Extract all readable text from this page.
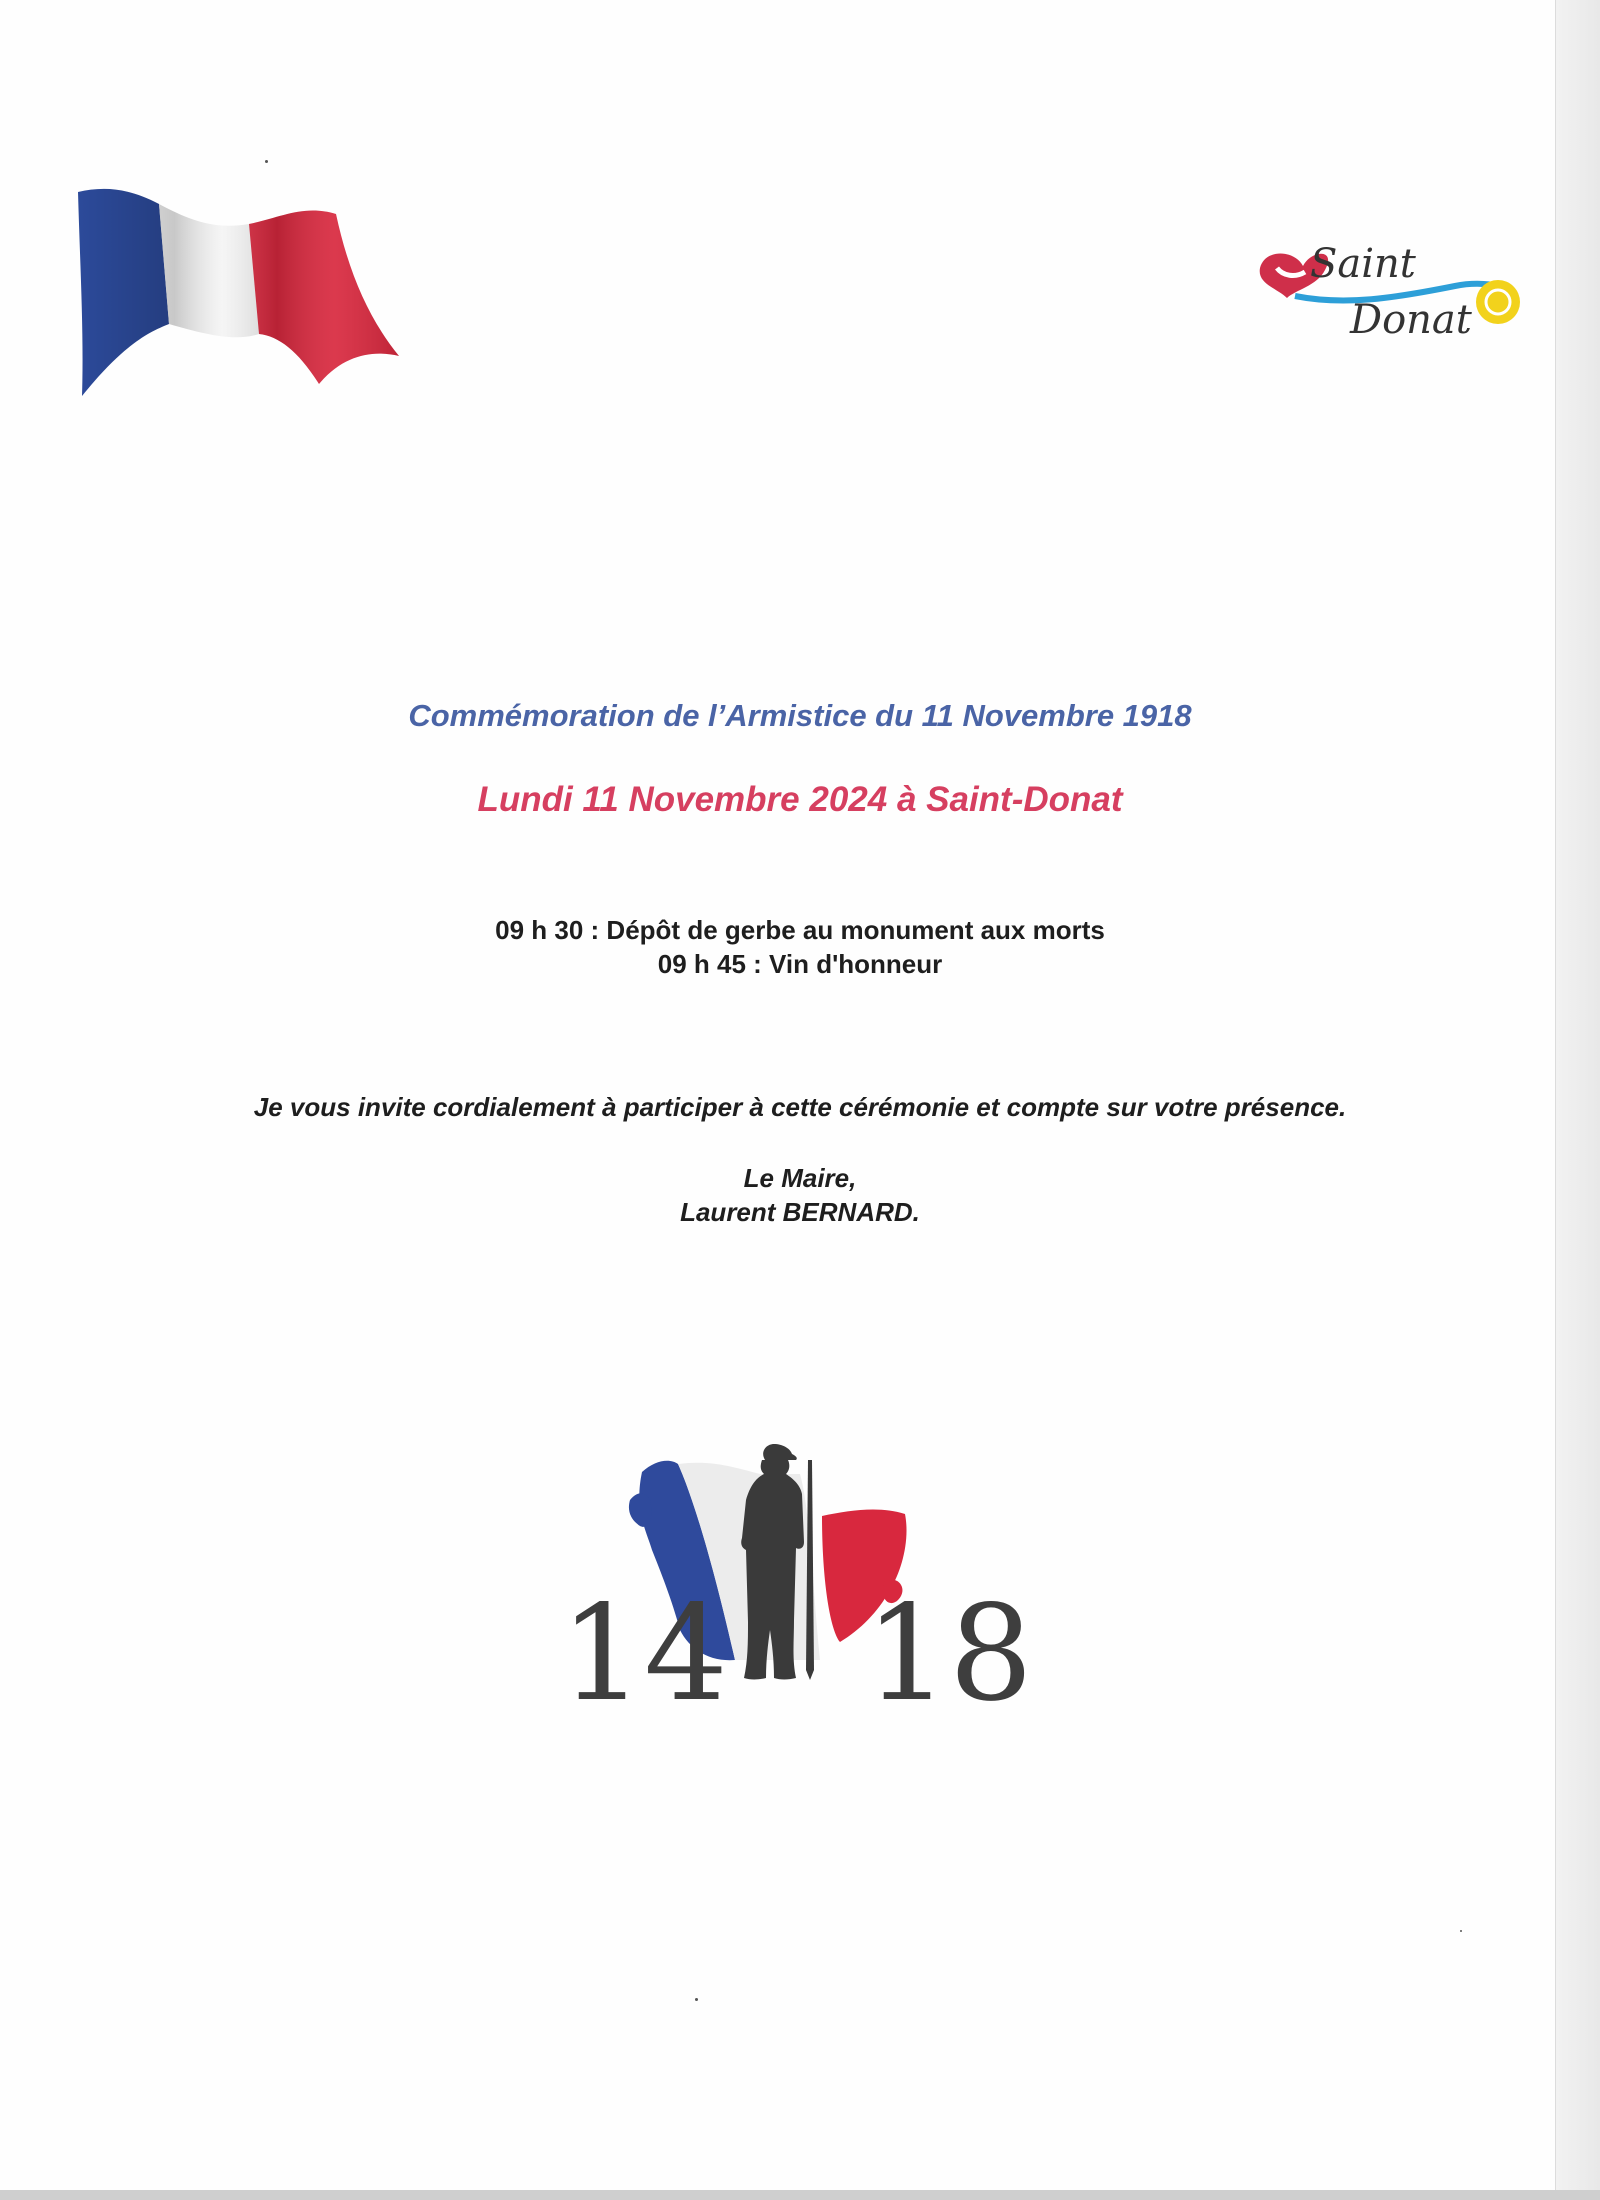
Saint
Donat
Commémoration de l’Armistice du 11 Novembre 1918
Lundi 11 Novembre 2024 à Saint-Donat
09 h 30 : Dépôt de gerbe au monument aux morts
09 h 45 : Vin d'honneur
Je vous invite cordialement à participer à cette cérémonie et compte sur votre présence.
Le Maire,
Laurent BERNARD.
14 18
